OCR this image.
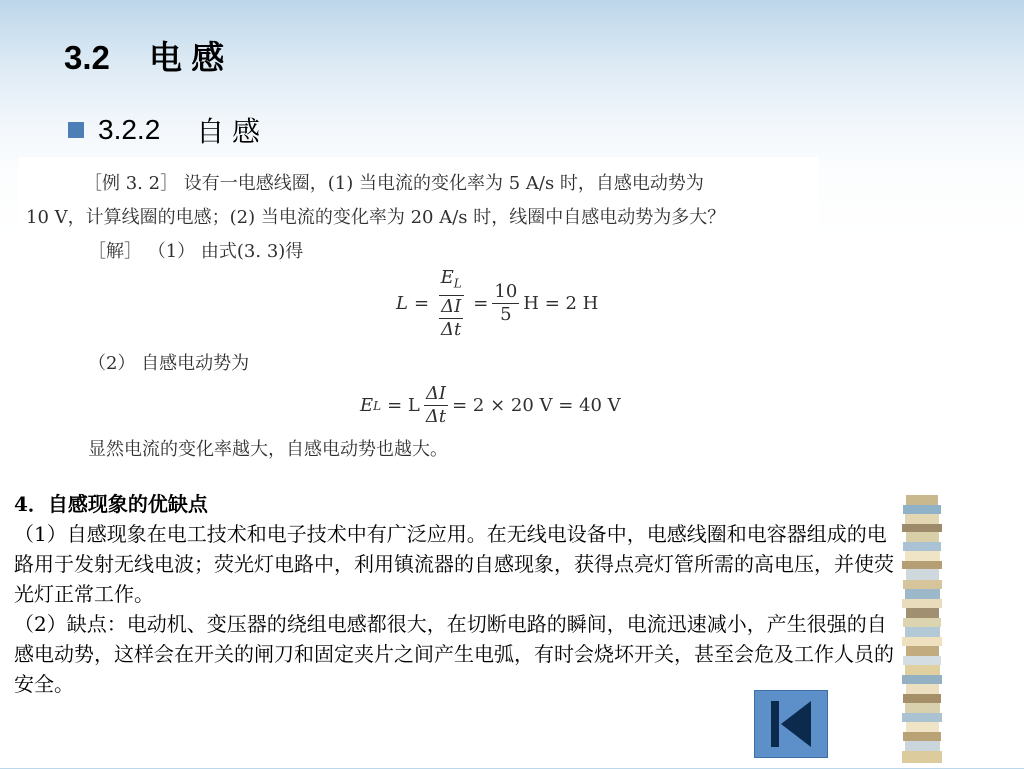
3.2 电 感
3.2.2 自 感
［例 3. 2］ 设有一电感线圈，(1) 当电流的变化率为 5 A/s 时，自感电动势为
10 V，计算线圈的电感；(2) 当电流的变化率为 20 A/s 时，线圈中自感电动势为多大？
［解］ （1） 由式(3. 3)得
$L = \frac{E_L}{\frac{\Delta I}{\Delta t}} = \frac{10}{5}$ H = 2 H
（2） 自感电动势为
E L = L $\frac{\Delta I}{\Delta t} = 2 \times 20$ V = 40 V
显然电流的变化率越大，自感电动势也越大。
4．自感现象的优缺点

（1）自感现象在电工技术和电子技术中有广泛应用。在无线电设备中，电感线圈和电容器组成的电路用于发射无线电波；荧光灯电路中，利用镇流器的自感现象，获得点亮灯管所需的高电压，并使荧光灯正常工作。

（2）缺点：电动机、变压器的绕组电感都很大，在切断电路的瞬间，电流迅速减小，产生很强的自感电动势，这样会在开关的闸刀和固定夹片之间产生电弧，有时会烧坏开关，甚至会危及工作人员的安全。
